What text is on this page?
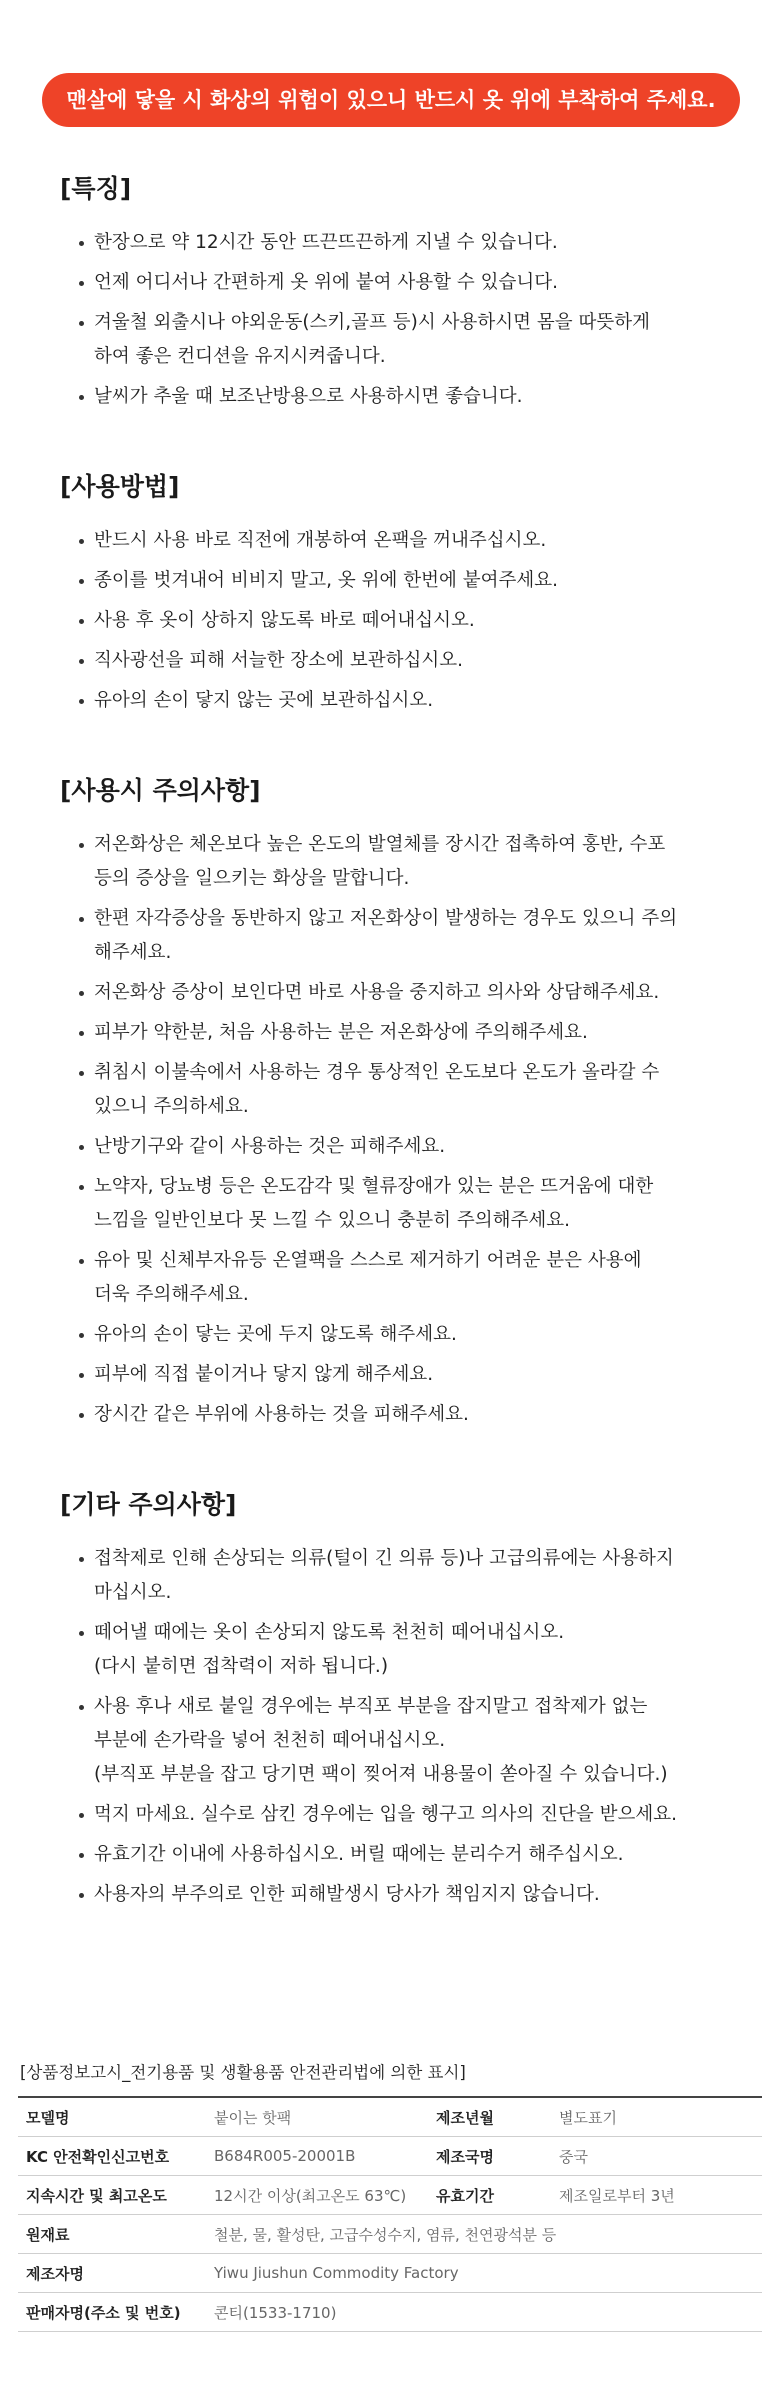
맨살에 닿을 시 화상의 위험이 있으니 반드시 옷 위에 부착하여 주세요.
[특징]
한장으로 약 12시간 동안 뜨끈뜨끈하게 지낼 수 있습니다.
언제 어디서나 간편하게 옷 위에 붙여 사용할 수 있습니다.
겨울철 외출시나 야외운동(스키,골프 등)시 사용하시면 몸을 따뜻하게
하여 좋은 컨디션을 유지시켜줍니다.
날씨가 추울 때 보조난방용으로 사용하시면 좋습니다.
[사용방법]
반드시 사용 바로 직전에 개봉하여 온팩을 꺼내주십시오.
종이를 벗겨내어 비비지 말고, 옷 위에 한번에 붙여주세요.
사용 후 옷이 상하지 않도록 바로 떼어내십시오.
직사광선을 피해 서늘한 장소에 보관하십시오.
유아의 손이 닿지 않는 곳에 보관하십시오.
[사용시 주의사항]
저온화상은 체온보다 높은 온도의 발열체를 장시간 접촉하여 홍반, 수포
등의 증상을 일으키는 화상을 말합니다.
한편 자각증상을 동반하지 않고 저온화상이 발생하는 경우도 있으니 주의
해주세요.
저온화상 증상이 보인다면 바로 사용을 중지하고 의사와 상담해주세요.
피부가 약한분, 처음 사용하는 분은 저온화상에 주의해주세요.
취침시 이불속에서 사용하는 경우 통상적인 온도보다 온도가 올라갈 수
있으니 주의하세요.
난방기구와 같이 사용하는 것은 피해주세요.
노약자, 당뇨병 등은 온도감각 및 혈류장애가 있는 분은 뜨거움에 대한
느낌을 일반인보다 못 느낄 수 있으니 충분히 주의해주세요.
유아 및 신체부자유등 온열팩을 스스로 제거하기 어려운 분은 사용에
더욱 주의해주세요.
유아의 손이 닿는 곳에 두지 않도록 해주세요.
피부에 직접 붙이거나 닿지 않게 해주세요.
장시간 같은 부위에 사용하는 것을 피해주세요.
[기타 주의사항]
접착제로 인해 손상되는 의류(털이 긴 의류 등)나 고급의류에는 사용하지
마십시오.
떼어낼 때에는 옷이 손상되지 않도록 천천히 떼어내십시오.
(다시 붙히면 접착력이 저하 됩니다.)
사용 후나 새로 붙일 경우에는 부직포 부분을 잡지말고 접착제가 없는
부분에 손가락을 넣어 천천히 떼어내십시오.
(부직포 부분을 잡고 당기면 팩이 찢어져 내용물이 쏟아질 수 있습니다.)
먹지 마세요. 실수로 삼킨 경우에는 입을 헹구고 의사의 진단을 받으세요.
유효기간 이내에 사용하십시오. 버릴 때에는 분리수거 해주십시오.
사용자의 부주의로 인한 피해발생시 당사가 책임지지 않습니다.
[상품정보고시_전기용품 및 생활용품 안전관리법에 의한 표시]
모델명	붙이는 핫팩	제조년월	별도표기
KC 안전확인신고번호	B684R005-20001B	제조국명	중국
지속시간 및 최고온도	12시간 이상(최고온도 63℃)	유효기간	제조일로부터 3년
원재료	철분, 물, 활성탄, 고급수성수지, 염류, 천연광석분 등		
제조자명	Yiwu Jiushun Commodity Factory		
판매자명(주소 및 번호)	콘티(1533-1710)		
